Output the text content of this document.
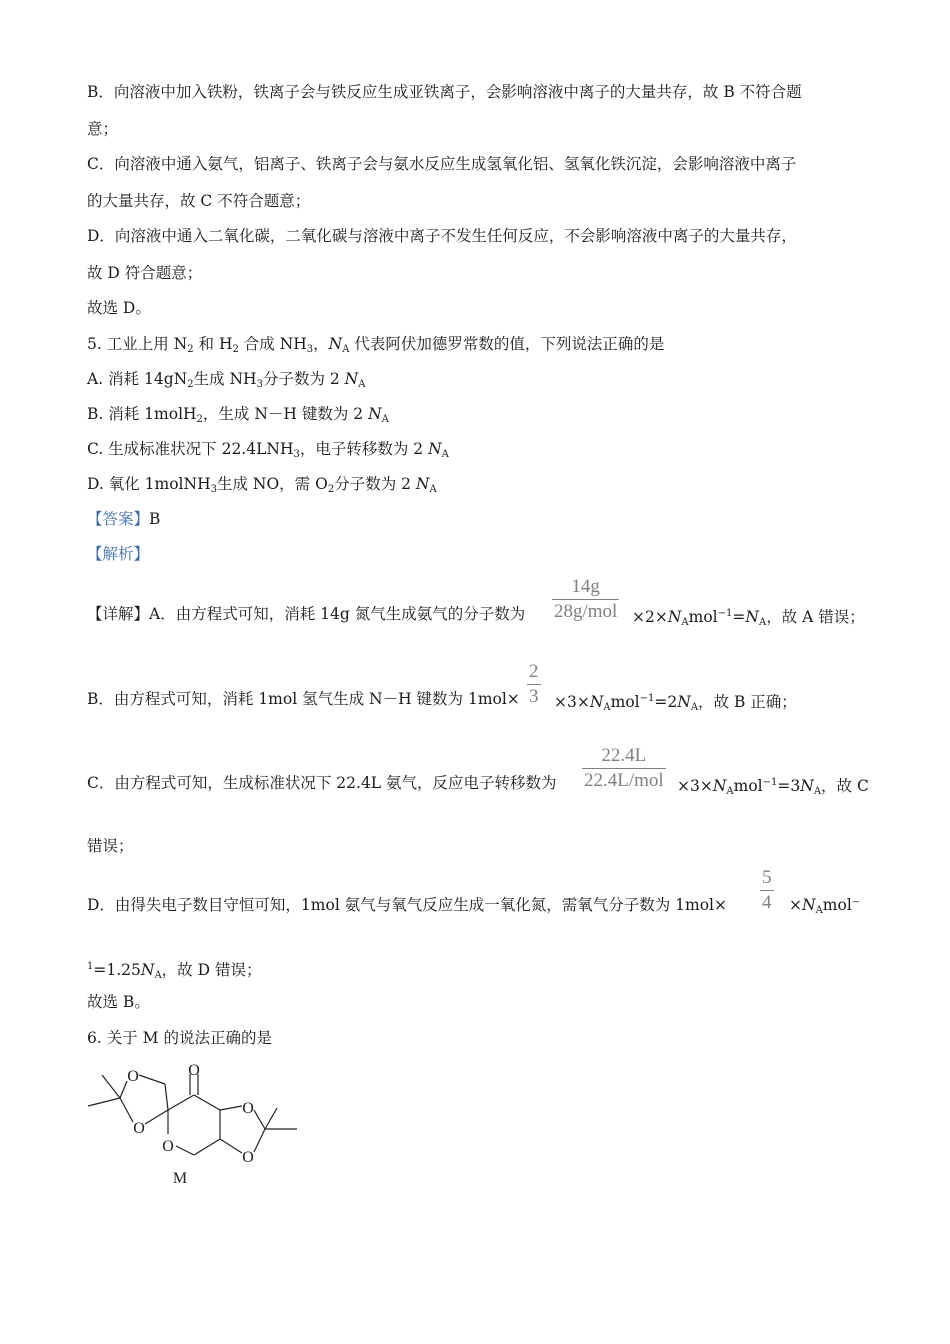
B．向溶液中加入铁粉，铁离子会与铁反应生成亚铁离子，会影响溶液中离子的大量共存，故 B 不符合题
意；
C．向溶液中通入氨气，铝离子、铁离子会与氨水反应生成氢氧化铝、氢氧化铁沉淀，会影响溶液中离子
的大量共存，故 C 不符合题意；
D．向溶液中通入二氧化碳，二氧化碳与溶液中离子不发生任何反应，不会影响溶液中离子的大量共存，
故 D 符合题意；
故选 D。
5. 工业上用 $N_2$ 和 $H_2$ 合成 $NH_3$，$N_A$ 代表阿伏加德罗常数的值，下列说法正确的是
A. 消耗 $14gN_2$生成 $NH_3$分子数为 2 $N_A$
B. 消耗 1molH$_2$，生成 N－H 键数为 2 $N_A$
C. 生成标准状况下 $22.4LNH_3$，电子转移数为 2 $N_A$
D. 氧化 1molNH$_3$生成 NO，需 $O_2$分子数为 2 $N_A$
【答案】B
【解析】
【详解】A．由方程式可知，消耗 14g 氮气生成氨气的分子数为
14g
$28g/mol \times 2\times N_Amol^{-1}=N_A$，故 A 错误；
B．由方程式可知，消耗 1mol 氢气生成 N－H 键数为 $1mol\times \frac{2}{3} \times 3\times N_Amol^{-1}=2N_A$，故 B 正确；
C．由方程式可知，生成标准状况下 22.4L 氨气，反应电子转移数为
22.4L
$22.4L/mol \times 3\times N_Amol^{-1}=3N_A$，故 C
错误；
D．由得失电子数目守恒可知，1mol 氨气与氧气反应生成一氧化氮，需氧气分子数为 $1mol\times \frac{5}{4} \times N_Amol^-$
$^1=1.25N_A$，故 D 错误；
故选 B。
6. 关于 M 的说法正确的是
O
O
O
O
O
O
M
